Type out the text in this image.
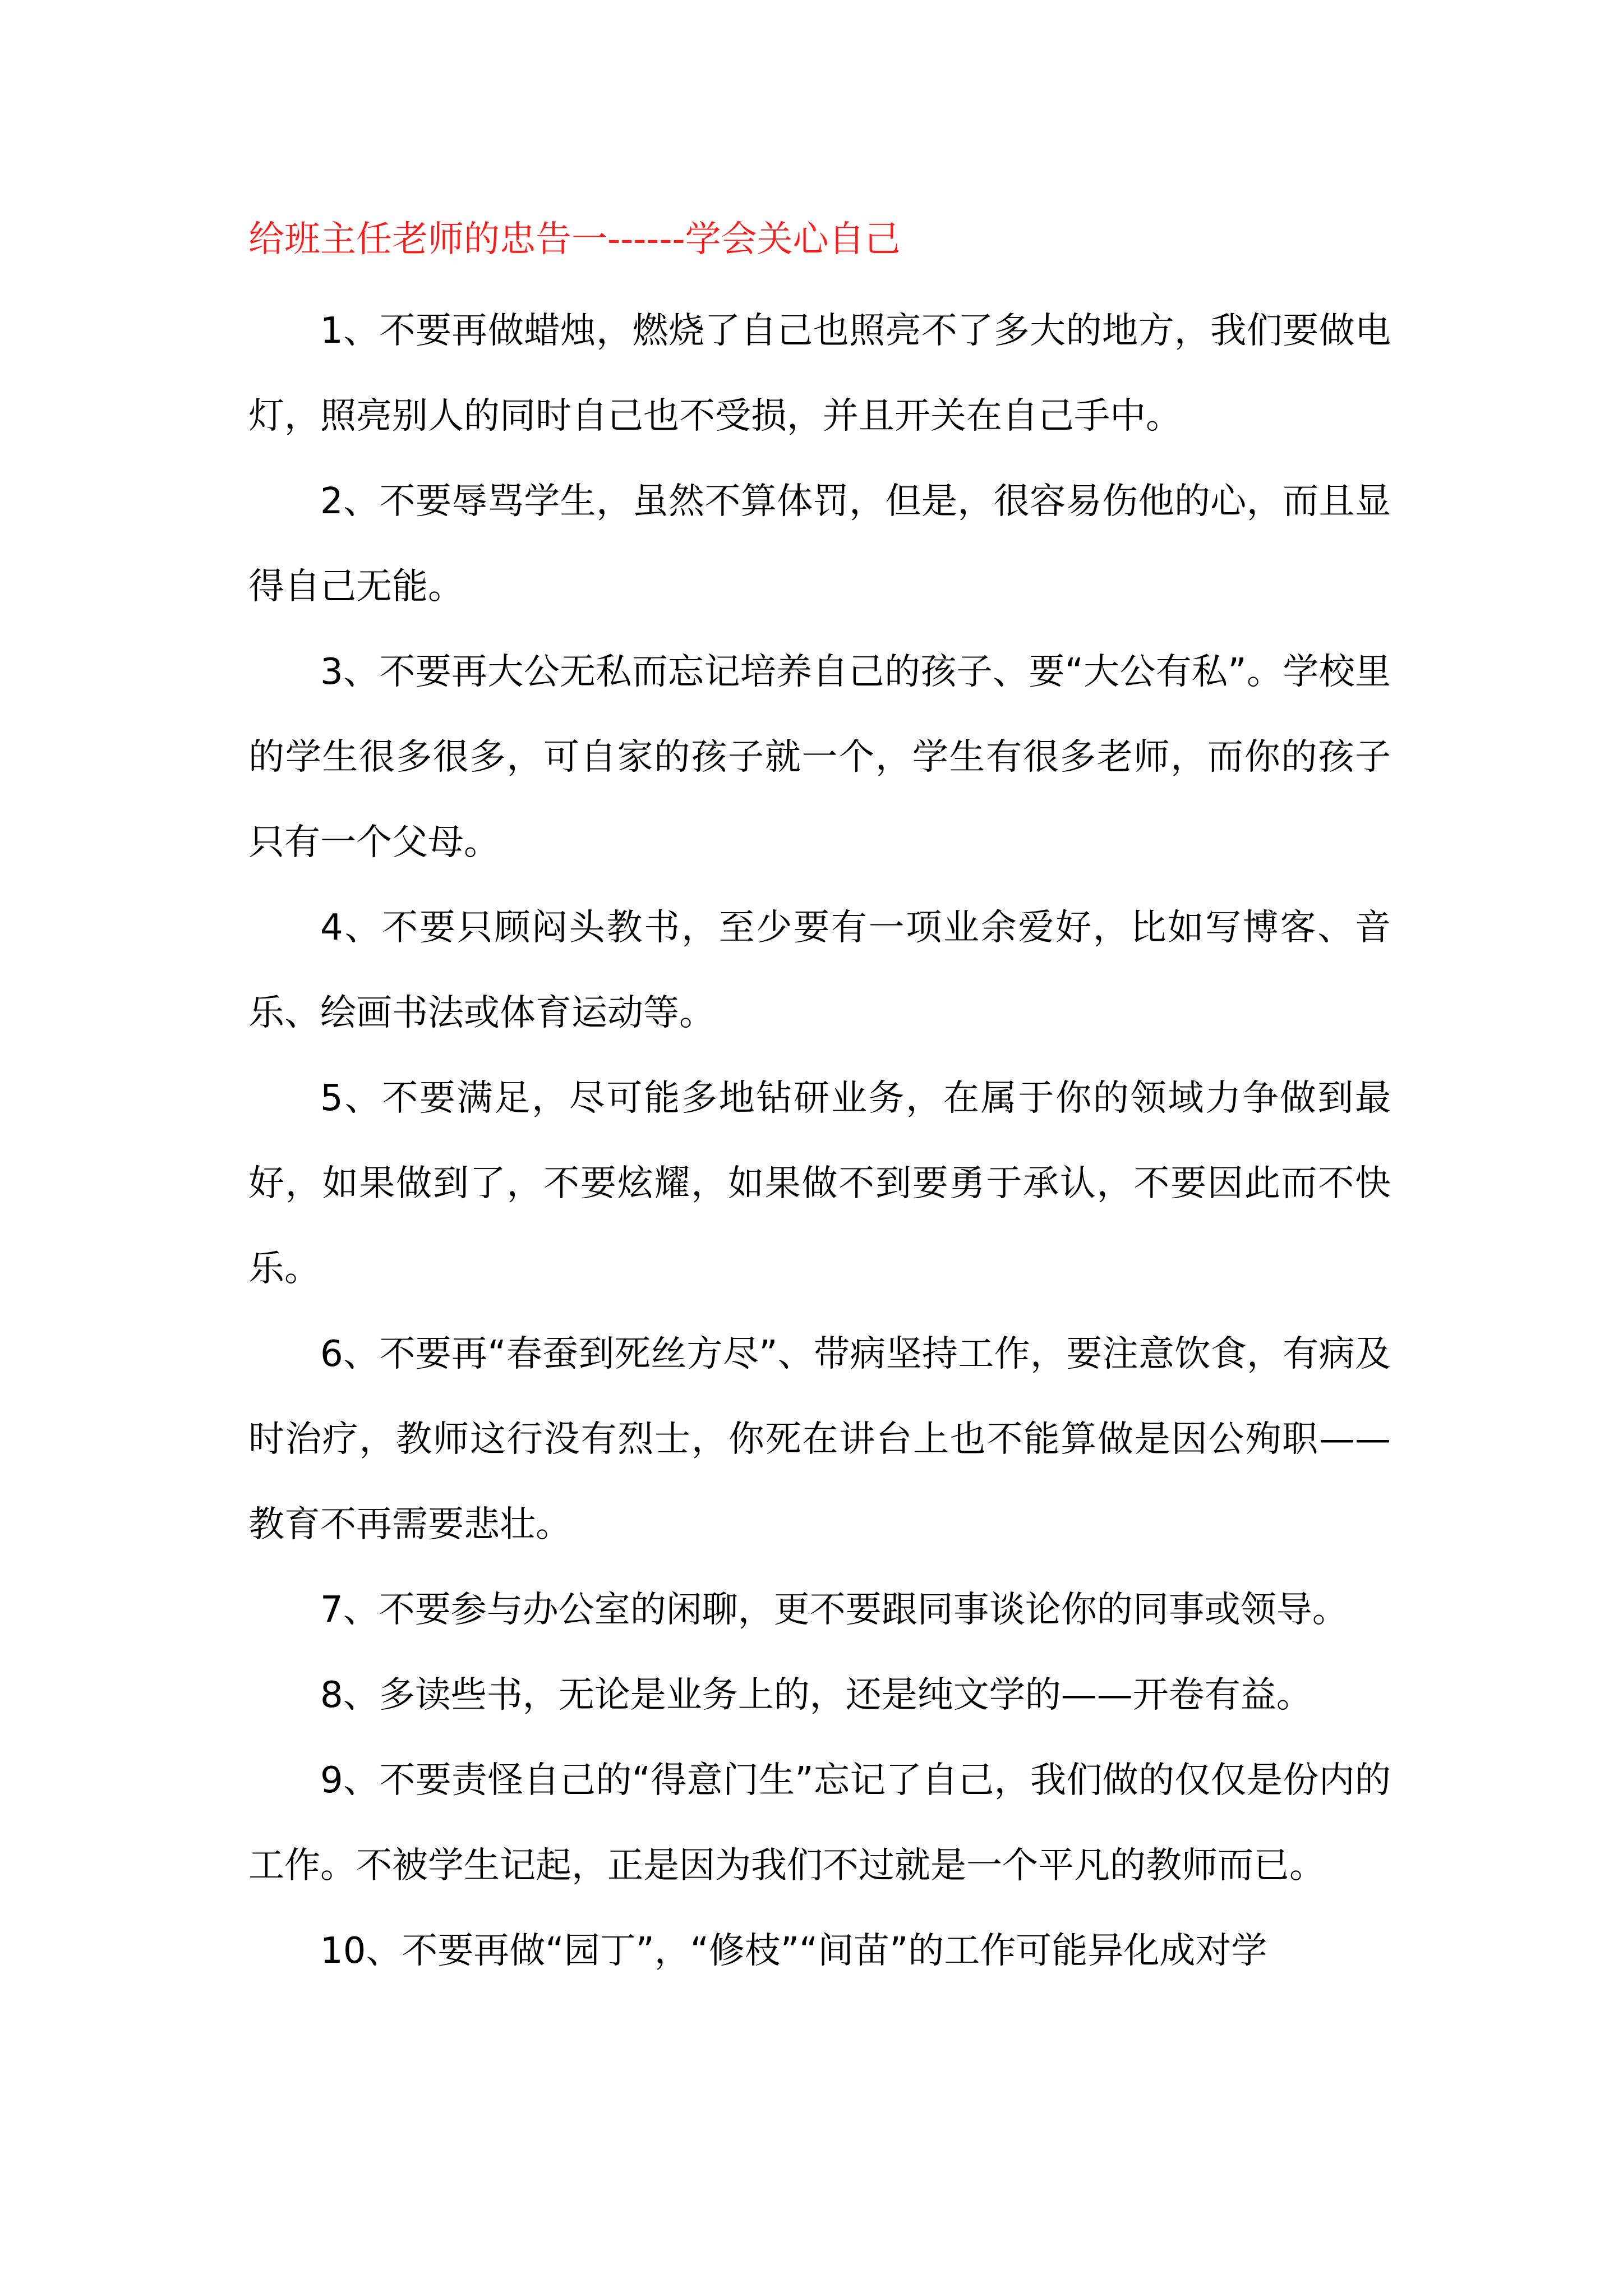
给班主任老师的忠告一------学会关心自己

1、不要再做蜡烛，燃烧了自己也照亮不了多大的地方，我们要做电灯，照亮别人的同时自己也不受损，并且开关在自己手中。

2、不要辱骂学生，虽然不算体罚，但是，很容易伤他的心，而且显得自己无能。

3、不要再大公无私而忘记培养自己的孩子、要“大公有私”。学校里的学生很多很多，可自家的孩子就一个，学生有很多老师，而你的孩子只有一个父母。

4、不要只顾闷头教书，至少要有一项业余爱好，比如写博客、音乐、绘画书法或体育运动等。

5、不要满足，尽可能多地钻研业务，在属于你的领域力争做到最好，如果做到了，不要炫耀，如果做不到要勇于承认，不要因此而不快乐。

6、不要再“春蚕到死丝方尽”、带病坚持工作，要注意饮食，有病及时治疗，教师这行没有烈士，你死在讲台上也不能算做是因公殉职——教育不再需要悲壮。

7、不要参与办公室的闲聊，更不要跟同事谈论你的同事或领导。

8、多读些书，无论是业务上的，还是纯文学的——开卷有益。

9、不要责怪自己的“得意门生”忘记了自己，我们做的仅仅是份内的工作。不被学生记起，正是因为我们不过就是一个平凡的教师而已。

10、不要再做“园丁”，“修枝”“间苗”的工作可能异化成对学
